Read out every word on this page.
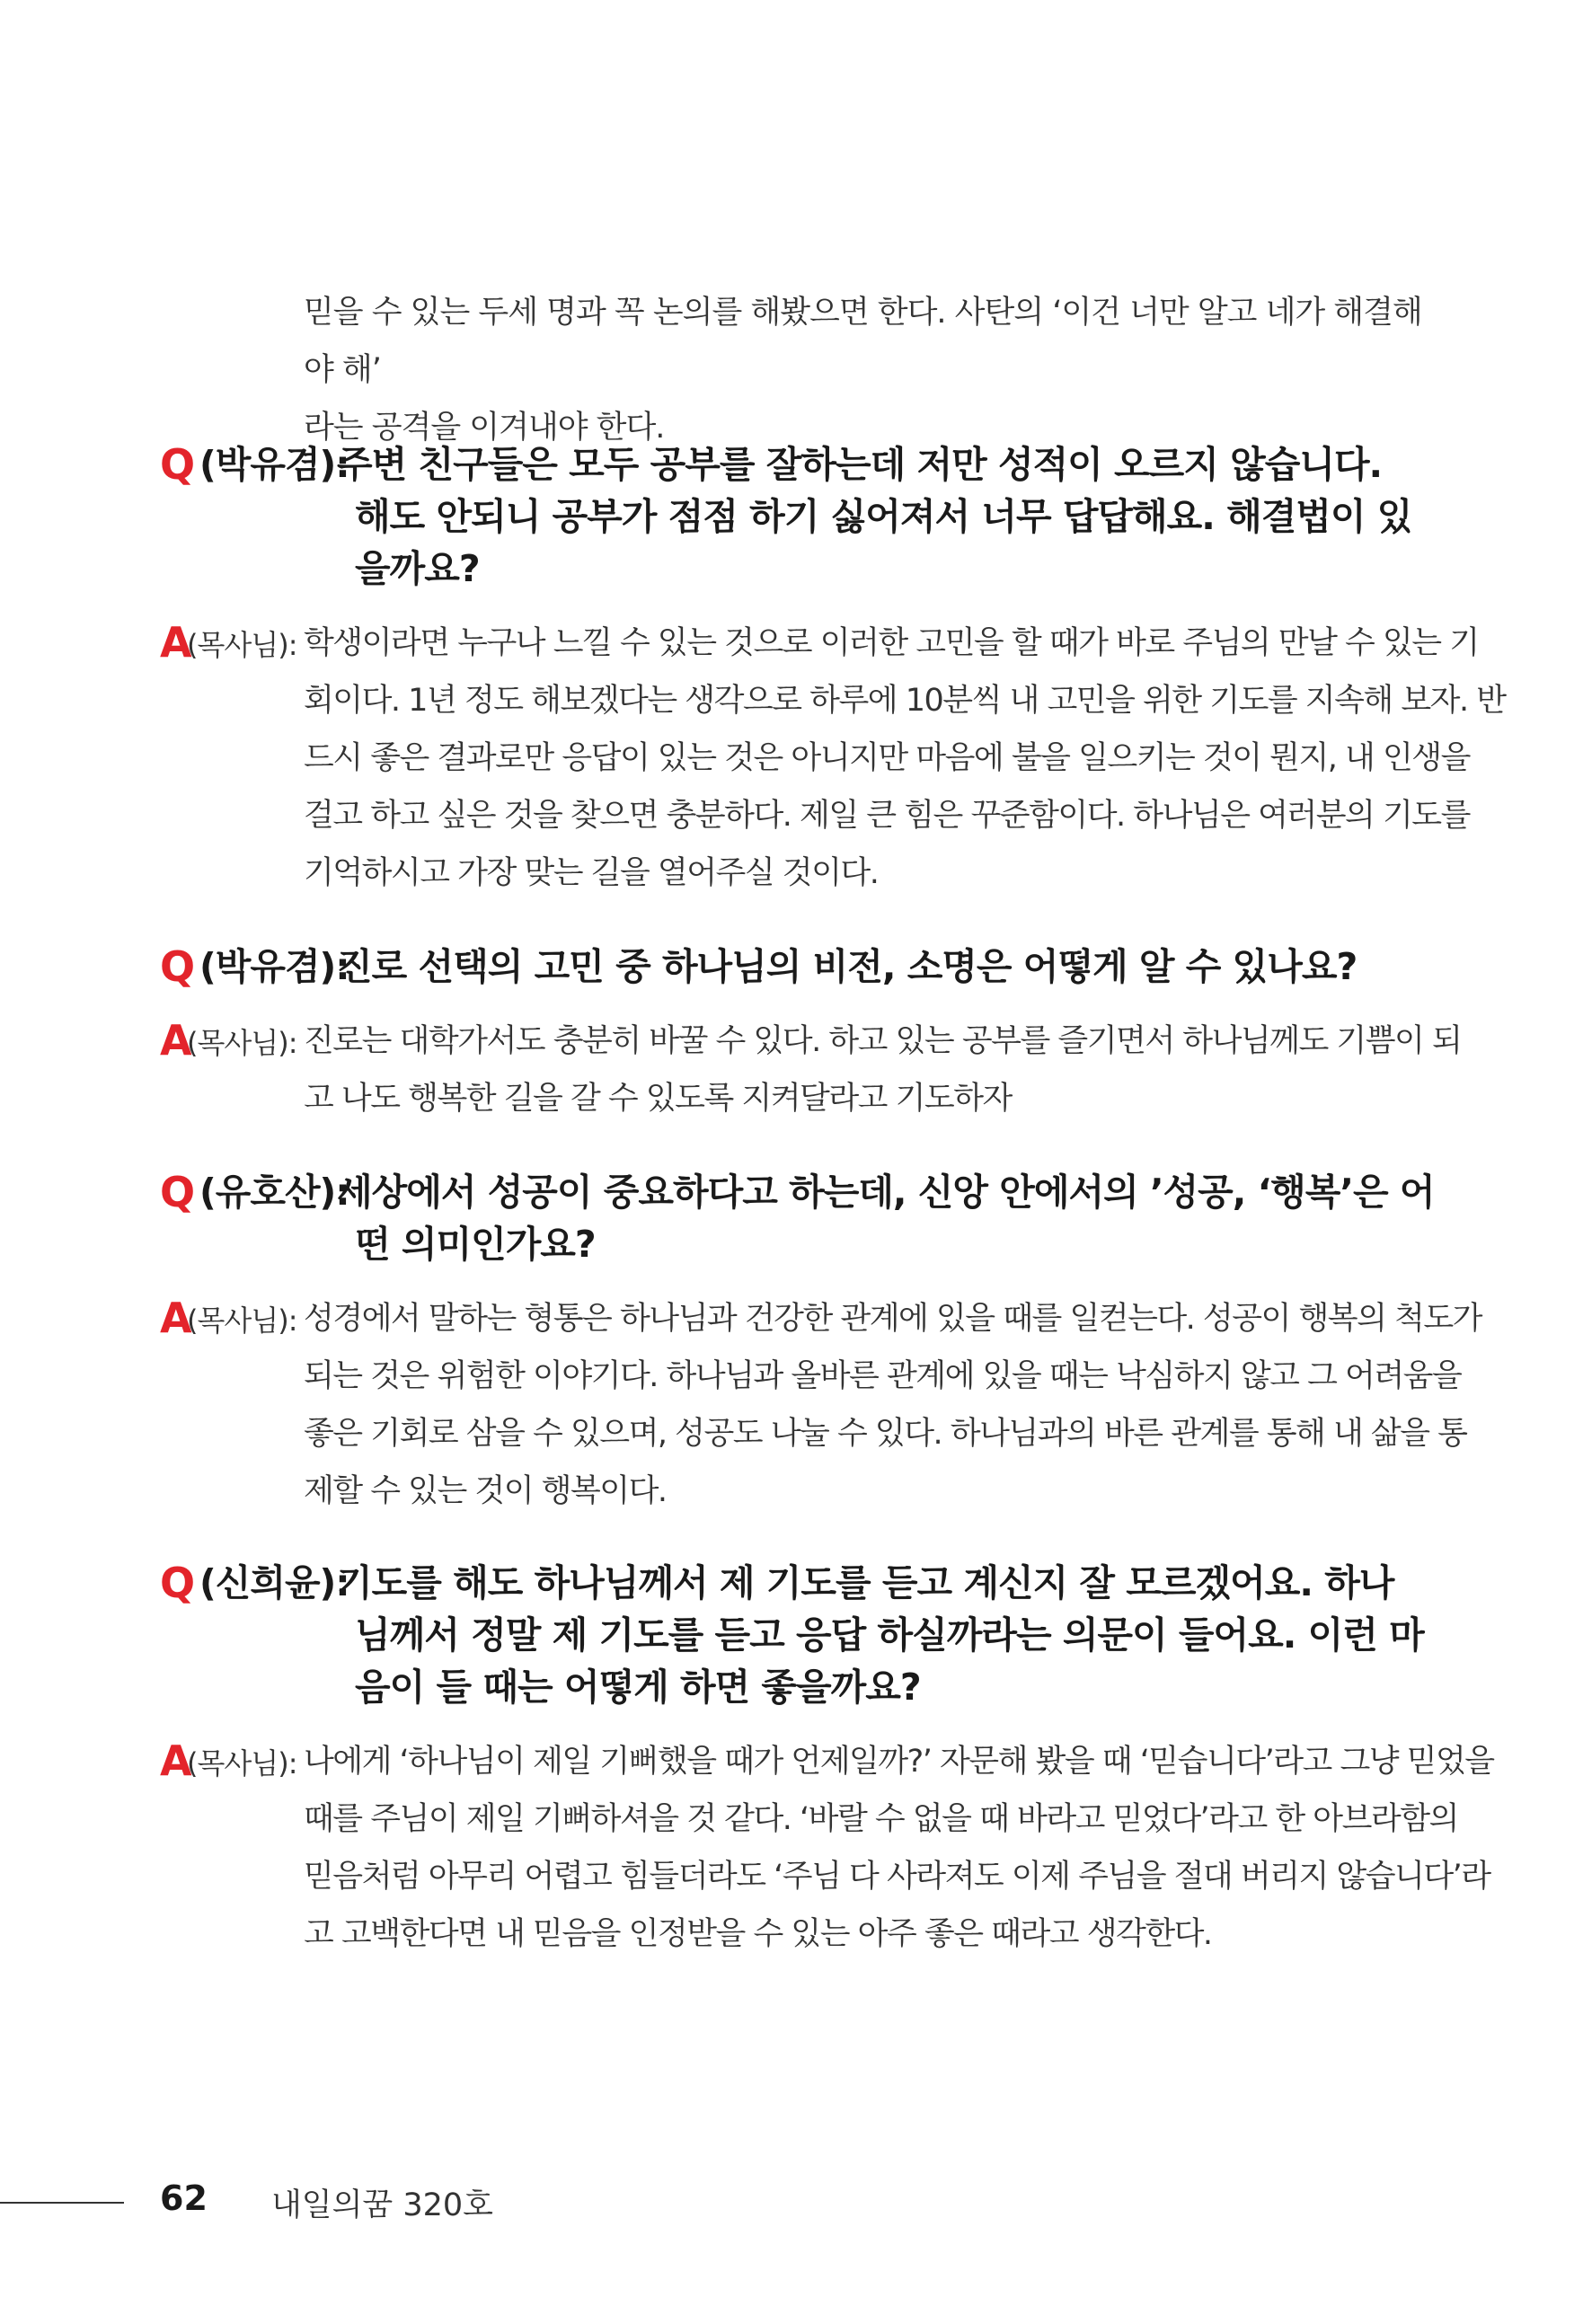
믿을 수 있는 두세 명과 꼭 논의를 해봤으면 한다. 사탄의 ‘이건 너만 알고 네가 해결해야 해’

라는 공격을 이겨내야 한다.

Q (박유겸):
주변 친구들은 모두 공부를 잘하는데 저만 성적이 오르지 않습니다.
해도 안되니 공부가 점점 하기 싫어져서 너무 답답해요. 해결법이 있
을까요?
A
(목사님): 학생이라면 누구나 느낄 수 있는 것으로 이러한 고민을 할 때가 바로 주님의 만날 수 있는 기
회이다. 1년 정도 해보겠다는 생각으로 하루에 10분씩 내 고민을 위한 기도를 지속해 보자. 반
드시 좋은 결과로만 응답이 있는 것은 아니지만 마음에 불을 일으키는 것이 뭔지, 내 인생을
걸고 하고 싶은 것을 찾으면 충분하다. 제일 큰 힘은 꾸준함이다. 하나님은 여러분의 기도를
기억하시고 가장 맞는 길을 열어주실 것이다.
Q (박유겸):
진로 선택의 고민 중 하나님의 비전, 소명은 어떻게 알 수 있나요?
A
(목사님): 진로는 대학가서도 충분히 바꿀 수 있다. 하고 있는 공부를 즐기면서 하나님께도 기쁨이 되
고 나도 행복한 길을 갈 수 있도록 지켜달라고 기도하자
Q (유호산):
세상에서 성공이 중요하다고 하는데, 신앙 안에서의 ’성공, ‘행복’은 어
떤 의미인가요?
A
(목사님): 성경에서 말하는 형통은 하나님과 건강한 관계에 있을 때를 일컫는다. 성공이 행복의 척도가
되는 것은 위험한 이야기다. 하나님과 올바른 관계에 있을 때는 낙심하지 않고 그 어려움을
좋은 기회로 삼을 수 있으며, 성공도 나눌 수 있다. 하나님과의 바른 관계를 통해 내 삶을 통
제할 수 있는 것이 행복이다.
Q (신희윤):
기도를 해도 하나님께서 제 기도를 듣고 계신지 잘 모르겠어요. 하나
님께서 정말 제 기도를 듣고 응답 하실까라는 의문이 들어요. 이런 마
음이 들 때는 어떻게 하면 좋을까요?
A
(목사님): 나에게 ‘하나님이 제일 기뻐했을 때가 언제일까?’ 자문해 봤을 때 ‘믿습니다’라고 그냥 믿었을
때를 주님이 제일 기뻐하셔을 것 같다. ‘바랄 수 없을 때 바라고 믿었다’라고 한 아브라함의
믿음처럼 아무리 어렵고 힘들더라도 ‘주님 다 사라져도 이제 주님을 절대 버리지 않습니다’라
고 고백한다면 내 믿음을 인정받을 수 있는 아주 좋은 때라고 생각한다.
62 내일의꿈 320호
